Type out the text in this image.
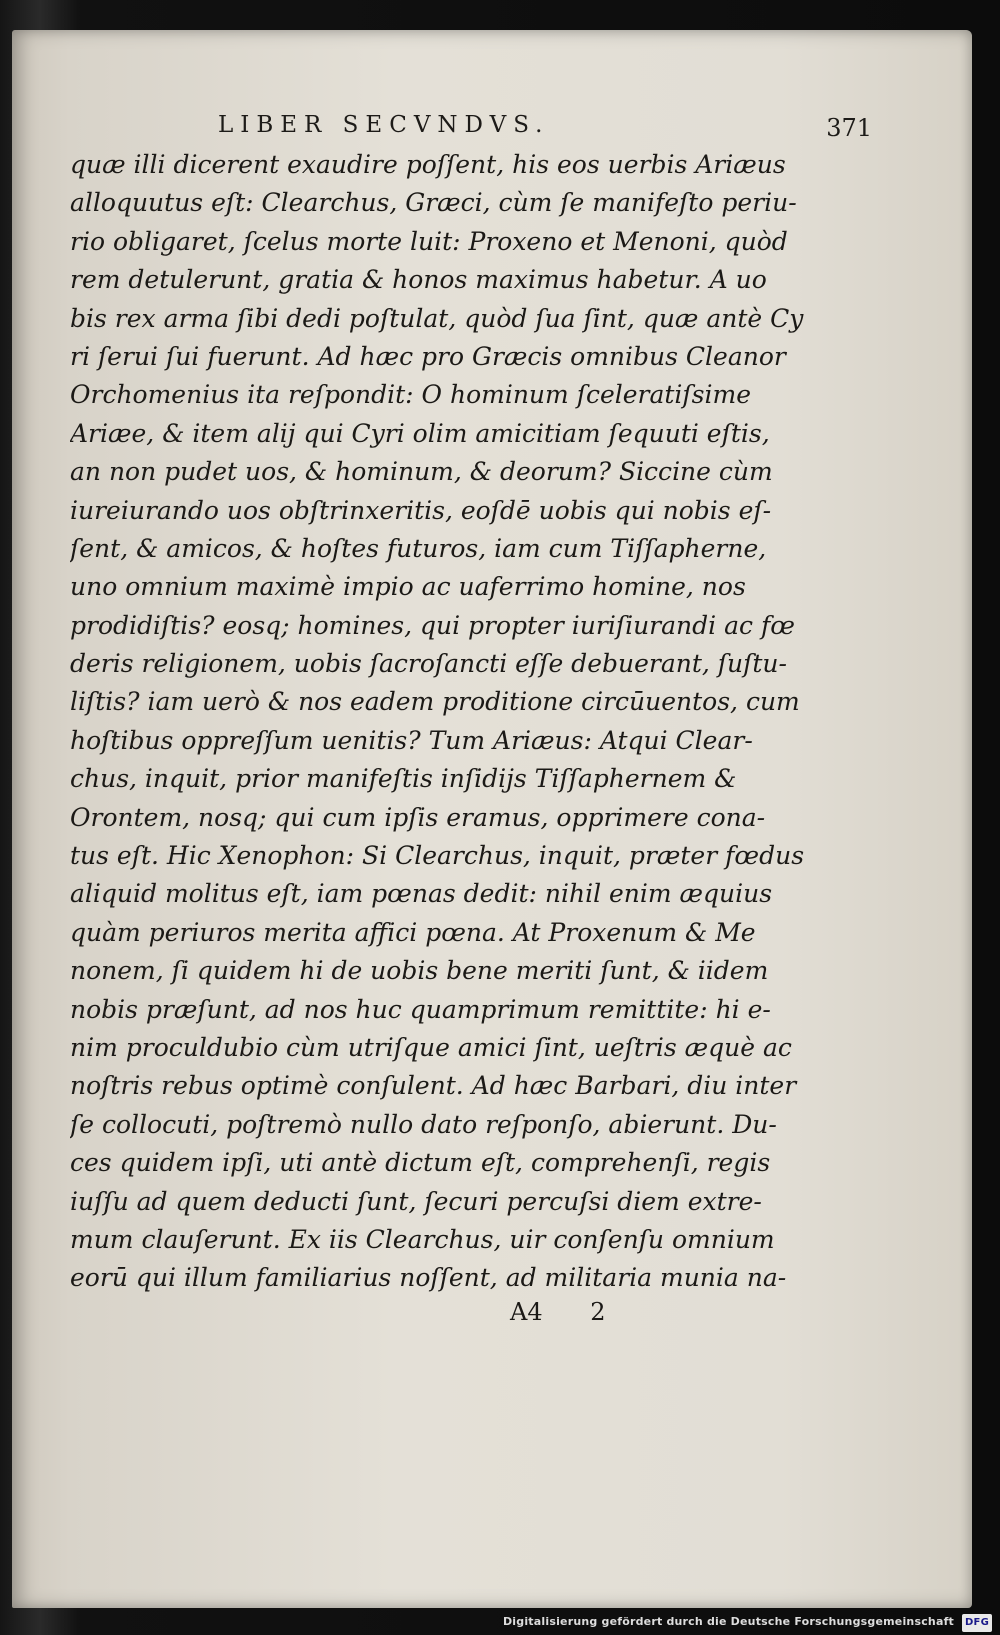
LIBER SECVNDVS.	371
quæ illi dicerent exaudire poſſent, his eos uerbis Ariæus
alloquutus eſt: Clearchus, Græci, cùm ſe manifeſto periu-
rio obligaret, ſcelus morte luit: Proxeno et Menoni, quòd
rem detulerunt, gratia & honos maximus habetur. A uo
bis rex arma ſibi dedi poſtulat, quòd ſua ſint, quæ antè Cy
ri ſerui ſui fuerunt. Ad hæc pro Græcis omnibus Cleanor
Orchomenius ita reſpondit: O hominum ſceleratiſsime
Ariæe, & item alij qui Cyri olim amicitiam ſequuti eſtis,
an non pudet uos, & hominum, & deorum? Siccine cùm
iureiurando uos obſtrinxeritis, eoſdē uobis qui nobis eſ-
ſent, & amicos, & hoſtes futuros, iam cum Tiſſapherne,
uno omnium maximè impio ac uaferrimo homine, nos
prodidiſtis? eosq; homines, qui propter iuriſiurandi ac fœ
deris religionem, uobis ſacroſancti eſſe debuerant, ſuſtu-
liſtis? iam uerò & nos eadem proditione circūuentos, cum
hoſtibus oppreſſum uenitis? Tum Ariæus: Atqui Clear-
chus, inquit, prior manifeſtis inſidijs Tiſſaphernem &
Orontem, nosq; qui cum ipſis eramus, opprimere cona-
tus eſt. Hic Xenophon: Si Clearchus, inquit, præter fœdus
aliquid molitus eſt, iam pœnas dedit: nihil enim æquius
quàm periuros merita affici pœna. At Proxenum & Me
nonem, ſi quidem hi de uobis bene meriti ſunt, & iidem
nobis præſunt, ad nos huc quamprimum remittite: hi e-
nim proculdubio cùm utriſque amici ſint, ueſtris æquè ac
noſtris rebus optimè conſulent. Ad hæc Barbari, diu inter
ſe collocuti, poſtremò nullo dato reſponſo, abierunt. Du-
ces quidem ipſi, uti antè dictum eſt, comprehenſi, regis
iuſſu ad quem deducti ſunt, ſecuri percuſsi diem extre-
mum clauſerunt. Ex iis Clearchus, uir conſenſu omnium
eorū qui illum familiarius noſſent, ad militaria munia na-
A4 2
Digitalisierung gefördert durch die Deutsche Forschungsgemeinschaft DFG
